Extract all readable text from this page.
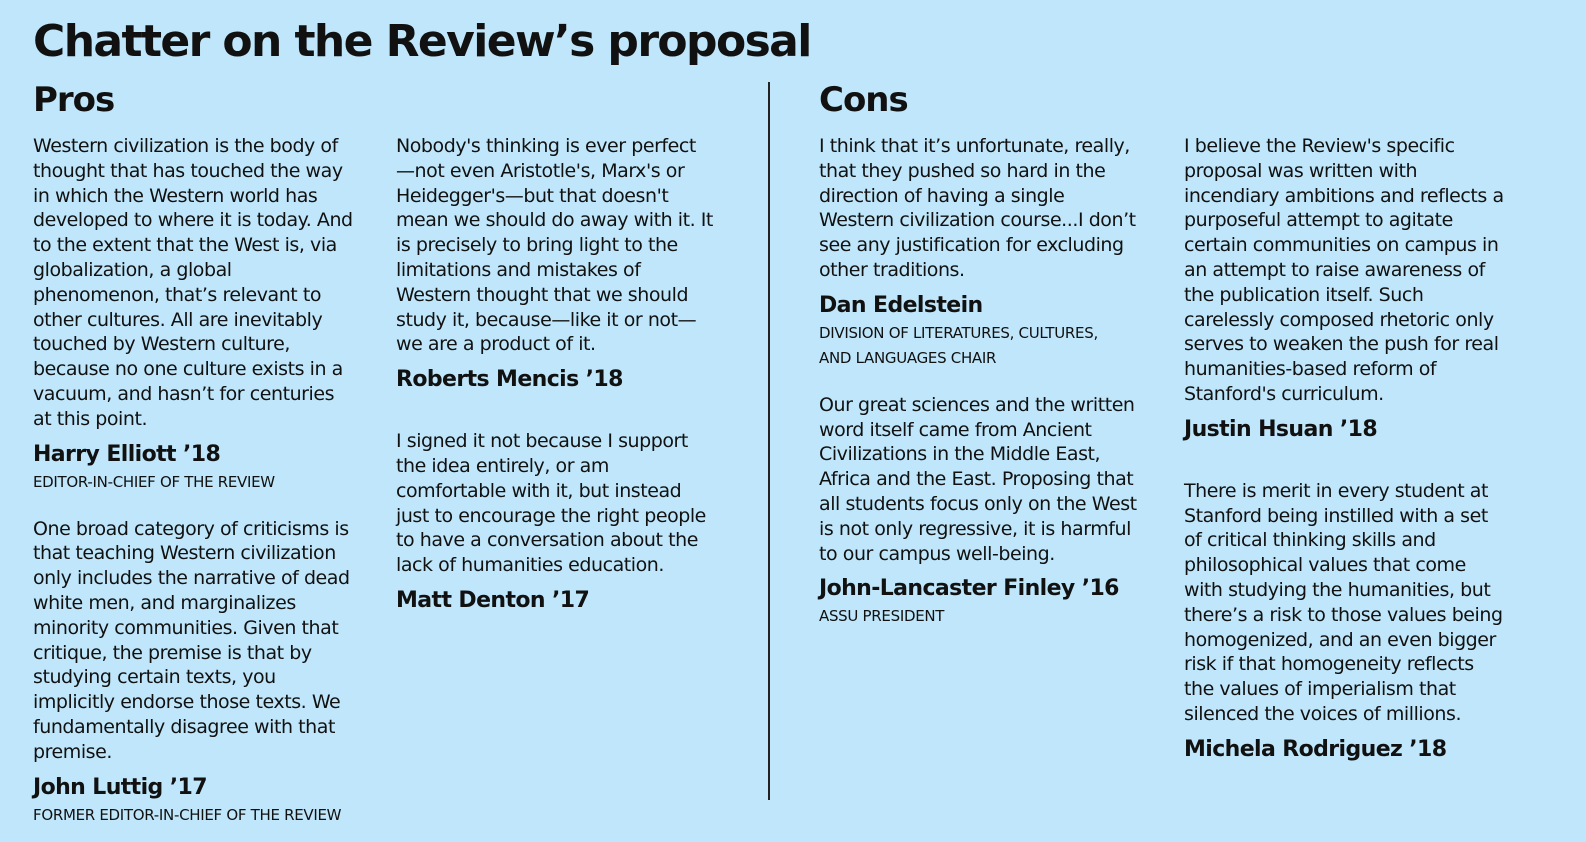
Chatter on the Review’s proposal
Pros	Cons
Western civilization is the body of thought that has touched the way in which the Western world has developed to where it is today. And to the extent that the West is, via globalization, a global phenomenon, that’s relevant to other cultures. All are inevitably touched by Western culture, because no one culture exists in a vacuum, and hasn’t for centuries at this point.
Harry Elliott ’18
EDITOR-IN-CHIEF OF THE REVIEW
One broad category of criticisms is that teaching Western civilization only includes the narrative of dead white men, and marginalizes minority communities. Given that critique, the premise is that by studying certain texts, you implicitly endorse those texts. We fundamentally disagree with that premise.
John Luttig ’17
FORMER EDITOR-IN-CHIEF OF THE REVIEW
Nobody's thinking is ever perfect—not even Aristotle's, Marx's or Heidegger's—but that doesn't mean we should do away with it. It is precisely to bring light to the limitations and mistakes of Western thought that we should study it, because—like it or not—we are a product of it.
Roberts Mencis ’18
I signed it not because I support the idea entirely, or am comfortable with it, but instead just to encourage the right people to have a conversation about the lack of humanities education.
Matt Denton ’17
I think that it’s unfortunate, really, that they pushed so hard in the direction of having a single Western civilization course...I don’t see any justification for excluding other traditions.
Dan Edelstein
DIVISION OF LITERATURES, CULTURES, AND LANGUAGES CHAIR
Our great sciences and the written word itself came from Ancient Civilizations in the Middle East, Africa and the East. Proposing that all students focus only on the West is not only regressive, it is harmful to our campus well-being.
John-Lancaster Finley ’16
ASSU PRESIDENT
I believe the Review's specific proposal was written with incendiary ambitions and reflects a purposeful attempt to agitate certain communities on campus in an attempt to raise awareness of the publication itself. Such carelessly composed rhetoric only serves to weaken the push for real humanities-based reform of Stanford's curriculum.
Justin Hsuan ’18
There is merit in every student at Stanford being instilled with a set of critical thinking skills and philosophical values that come with studying the humanities, but there’s a risk to those values being homogenized, and an even bigger risk if that homogeneity reflects the values of imperialism that silenced the voices of millions.
Michela Rodriguez ’18
